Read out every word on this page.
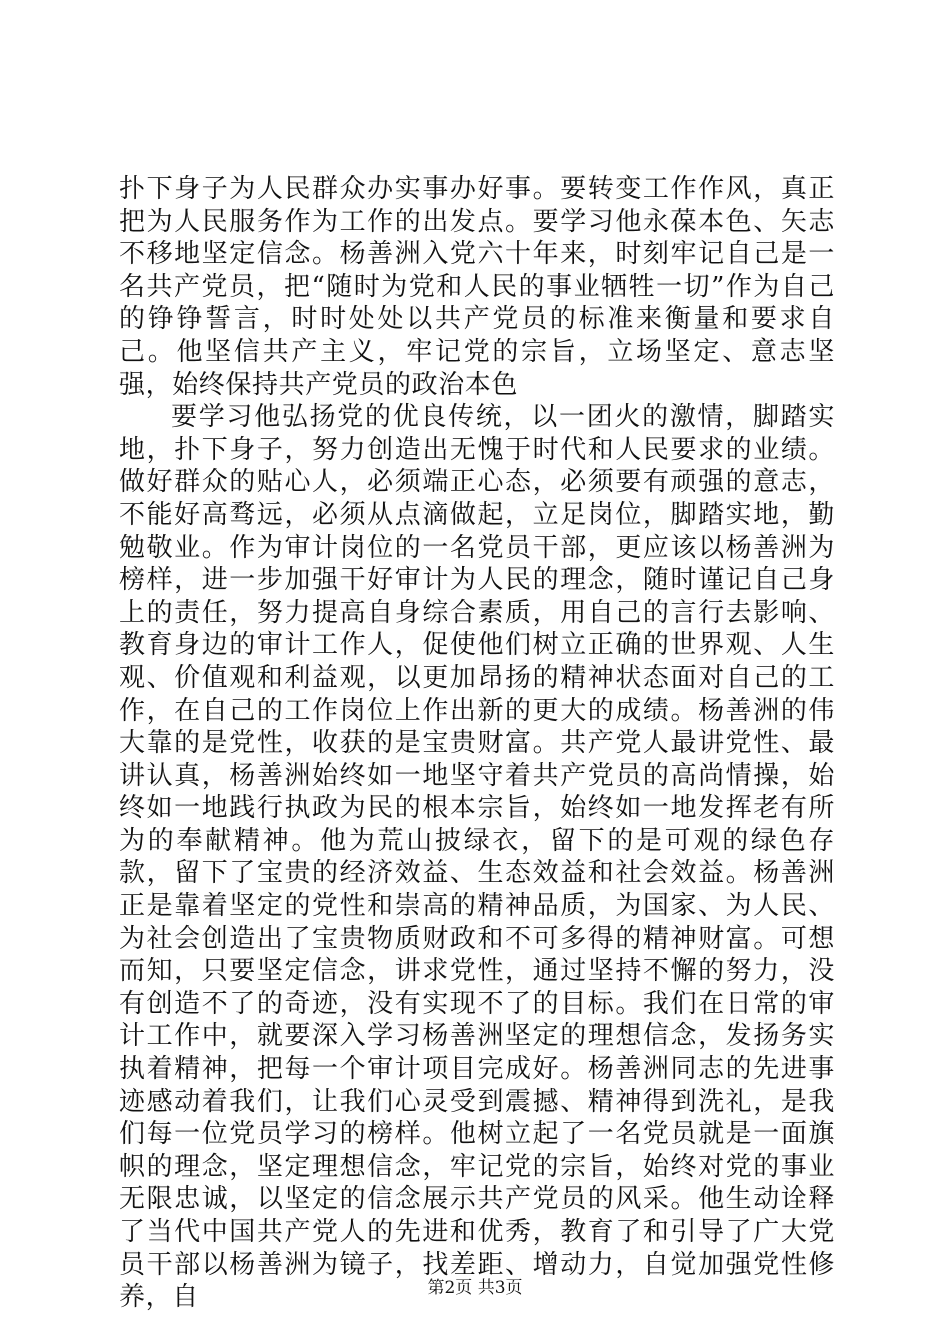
扑下身子为人民群众办实事办好事。要转变工作作风，真正把为人民服务作为工作的出发点。要学习他永葆本色、矢志不移地坚定信念。杨善洲入党六十年来，时刻牢记自己是一名共产党员，把“随时为党和人民的事业牺牲一切”作为自己的铮铮誓言，时时处处以共产党员的标准来衡量和要求自己。他坚信共产主义，牢记党的宗旨，立场坚定、意志坚强，始终保持共产党员的政治本色

要学习他弘扬党的优良传统，以一团火的激情，脚踏实地，扑下身子，努力创造出无愧于时代和人民要求的业绩。做好群众的贴心人，必须端正心态，必须要有顽强的意志，不能好高骛远，必须从点滴做起，立足岗位，脚踏实地，勤勉敬业。作为审计岗位的一名党员干部，更应该以杨善洲为榜样，进一步加强干好审计为人民的理念，随时谨记自己身上的责任，努力提高自身综合素质，用自己的言行去影响、教育身边的审计工作人，促使他们树立正确的世界观、人生观、价值观和利益观，以更加昂扬的精神状态面对自己的工作，在自己的工作岗位上作出新的更大的成绩。杨善洲的伟大靠的是党性，收获的是宝贵财富。共产党人最讲党性、最讲认真，杨善洲始终如一地坚守着共产党员的高尚情操，始终如一地践行执政为民的根本宗旨，始终如一地发挥老有所为的奉献精神。他为荒山披绿衣，留下的是可观的绿色存款，留下了宝贵的经济效益、生态效益和社会效益。杨善洲正是靠着坚定的党性和崇高的精神品质，为国家、为人民、为社会创造出了宝贵物质财政和不可多得的精神财富。可想而知，只要坚定信念，讲求党性，通过坚持不懈的努力，没有创造不了的奇迹，没有实现不了的目标。我们在日常的审计工作中，就要深入学习杨善洲坚定的理想信念，发扬务实执着精神，把每一个审计项目完成好。杨善洲同志的先进事迹感动着我们，让我们心灵受到震撼、精神得到洗礼，是我们每一位党员学习的榜样。他树立起了一名党员就是一面旗帜的理念，坚定理想信念，牢记党的宗旨，始终对党的事业无限忠诚，以坚定的信念展示共产党员的风采。他生动诠释了当代中国共产党人的先进和优秀，教育了和引导了广大党员干部以杨善洲为镜子，找差距、增动力，自觉加强党性修养，自	第2页 共3页
